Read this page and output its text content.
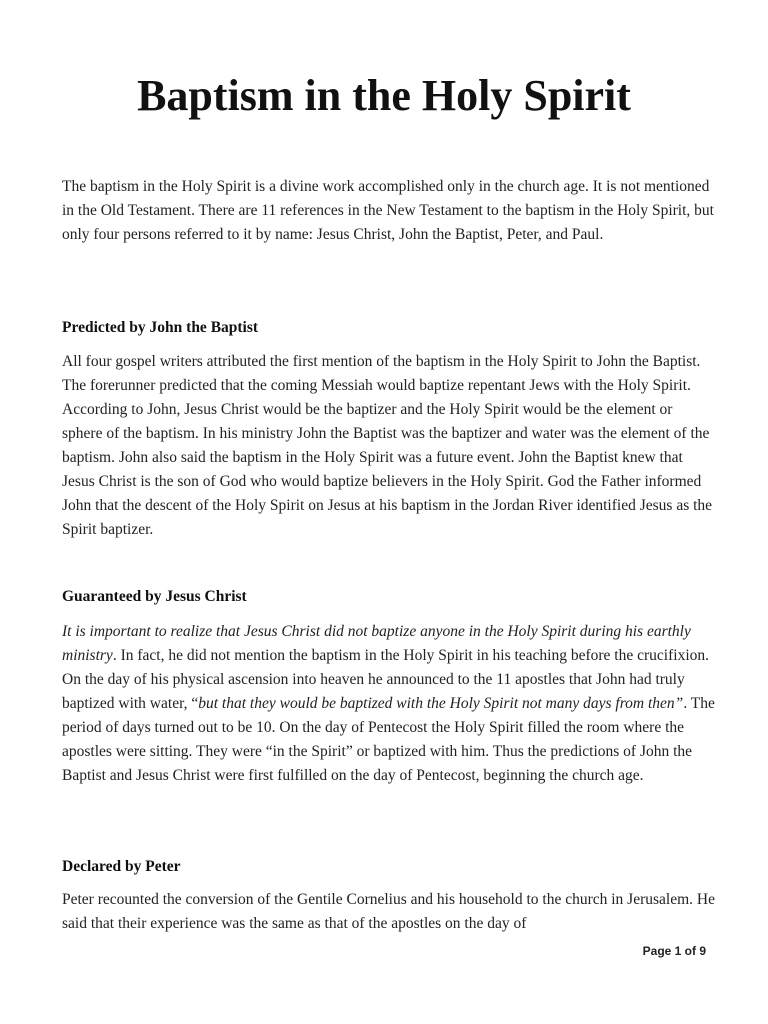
Baptism in the Holy Spirit

The baptism in the Holy Spirit is a divine work accomplished only in the church age. It is not mentioned in the Old Testament. There are 11 references in the New Testament to the baptism in the Holy Spirit, but only four persons referred to it by name: Jesus Christ, John the Baptist, Peter, and Paul.

Predicted by John the Baptist

All four gospel writers attributed the first mention of the baptism in the Holy Spirit to John the Baptist. The forerunner predicted that the coming Messiah would baptize repentant Jews with the Holy Spirit. According to John, Jesus Christ would be the baptizer and the Holy Spirit would be the element or sphere of the baptism. In his ministry John the Baptist was the baptizer and water was the element of the baptism. John also said the baptism in the Holy Spirit was a future event. John the Baptist knew that Jesus Christ is the son of God who would baptize believers in the Holy Spirit. God the Father informed John that the descent of the Holy Spirit on Jesus at his baptism in the Jordan River identified Jesus as the Spirit baptizer.

Guaranteed by Jesus Christ

It is important to realize that Jesus Christ did not baptize anyone in the Holy Spirit during his earthly ministry. In fact, he did not mention the baptism in the Holy Spirit in his teaching before the crucifixion. On the day of his physical ascension into heaven he announced to the 11 apostles that John had truly baptized with water, “but that they would be baptized with the Holy Spirit not many days from then”. The period of days turned out to be 10. On the day of Pentecost the Holy Spirit filled the room where the apostles were sitting. They were “in the Spirit” or baptized with him. Thus the predictions of John the Baptist and Jesus Christ were first fulfilled on the day of Pentecost, beginning the church age.

Declared by Peter

Peter recounted the conversion of the Gentile Cornelius and his household to the church in Jerusalem. He said that their experience was the same as that of the apostles on the day of

Page 1 of 9
